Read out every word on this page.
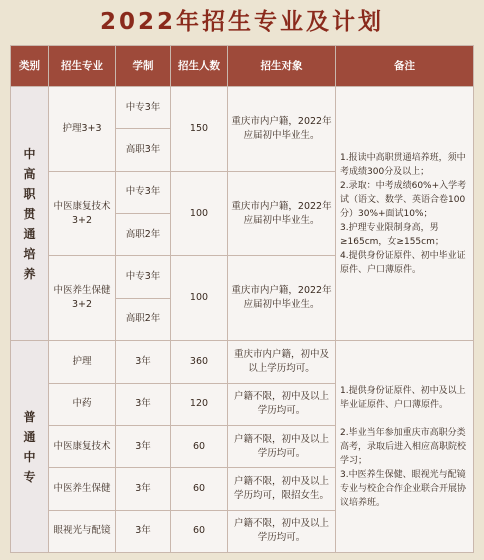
2022年招生专业及计划
类别	招生专业	学制	招生人数	招生对象	备注
中高职贯通培养	护理3+3	中专3年	150	重庆市内户籍，2022年应届初中毕业生。	1.报读中高职贯通培养班，须中考成绩300分及以上；
2.录取：中考成绩60%+入学考试（语文、数学、英语合卷100分）30%+面试10%；
3.护理专业限制身高，男≥165cm，女≥155cm；
4.提供身份证原件、初中毕业证原件、户口薄原件。
		高职3年			
	中医康复技术3+2	中专3年	100	重庆市内户籍，2022年应届初中毕业生。	
		高职2年			
	中医养生保健3+2	中专3年	100	重庆市内户籍，2022年应届初中毕业生。	
		高职2年			
普通中专	护理	3年	360	重庆市内户籍，初中及以上学历均可。	1.提供身份证原件、初中及以上毕业证原件、户口薄原件。

2.毕业当年参加重庆市高职分类高考，录取后进入相应高职院校学习；
3.中医养生保健、眼视光与配镜专业与校企合作企业联合开展协议培养班。
	中药	3年	120	户籍不限，初中及以上学历均可。	
	中医康复技术	3年	60	户籍不限，初中及以上学历均可。	
	中医养生保健	3年	60	户籍不限，初中及以上学历均可，限招女生。	
	眼视光与配镜	3年	60	户籍不限，初中及以上学历均可。	
